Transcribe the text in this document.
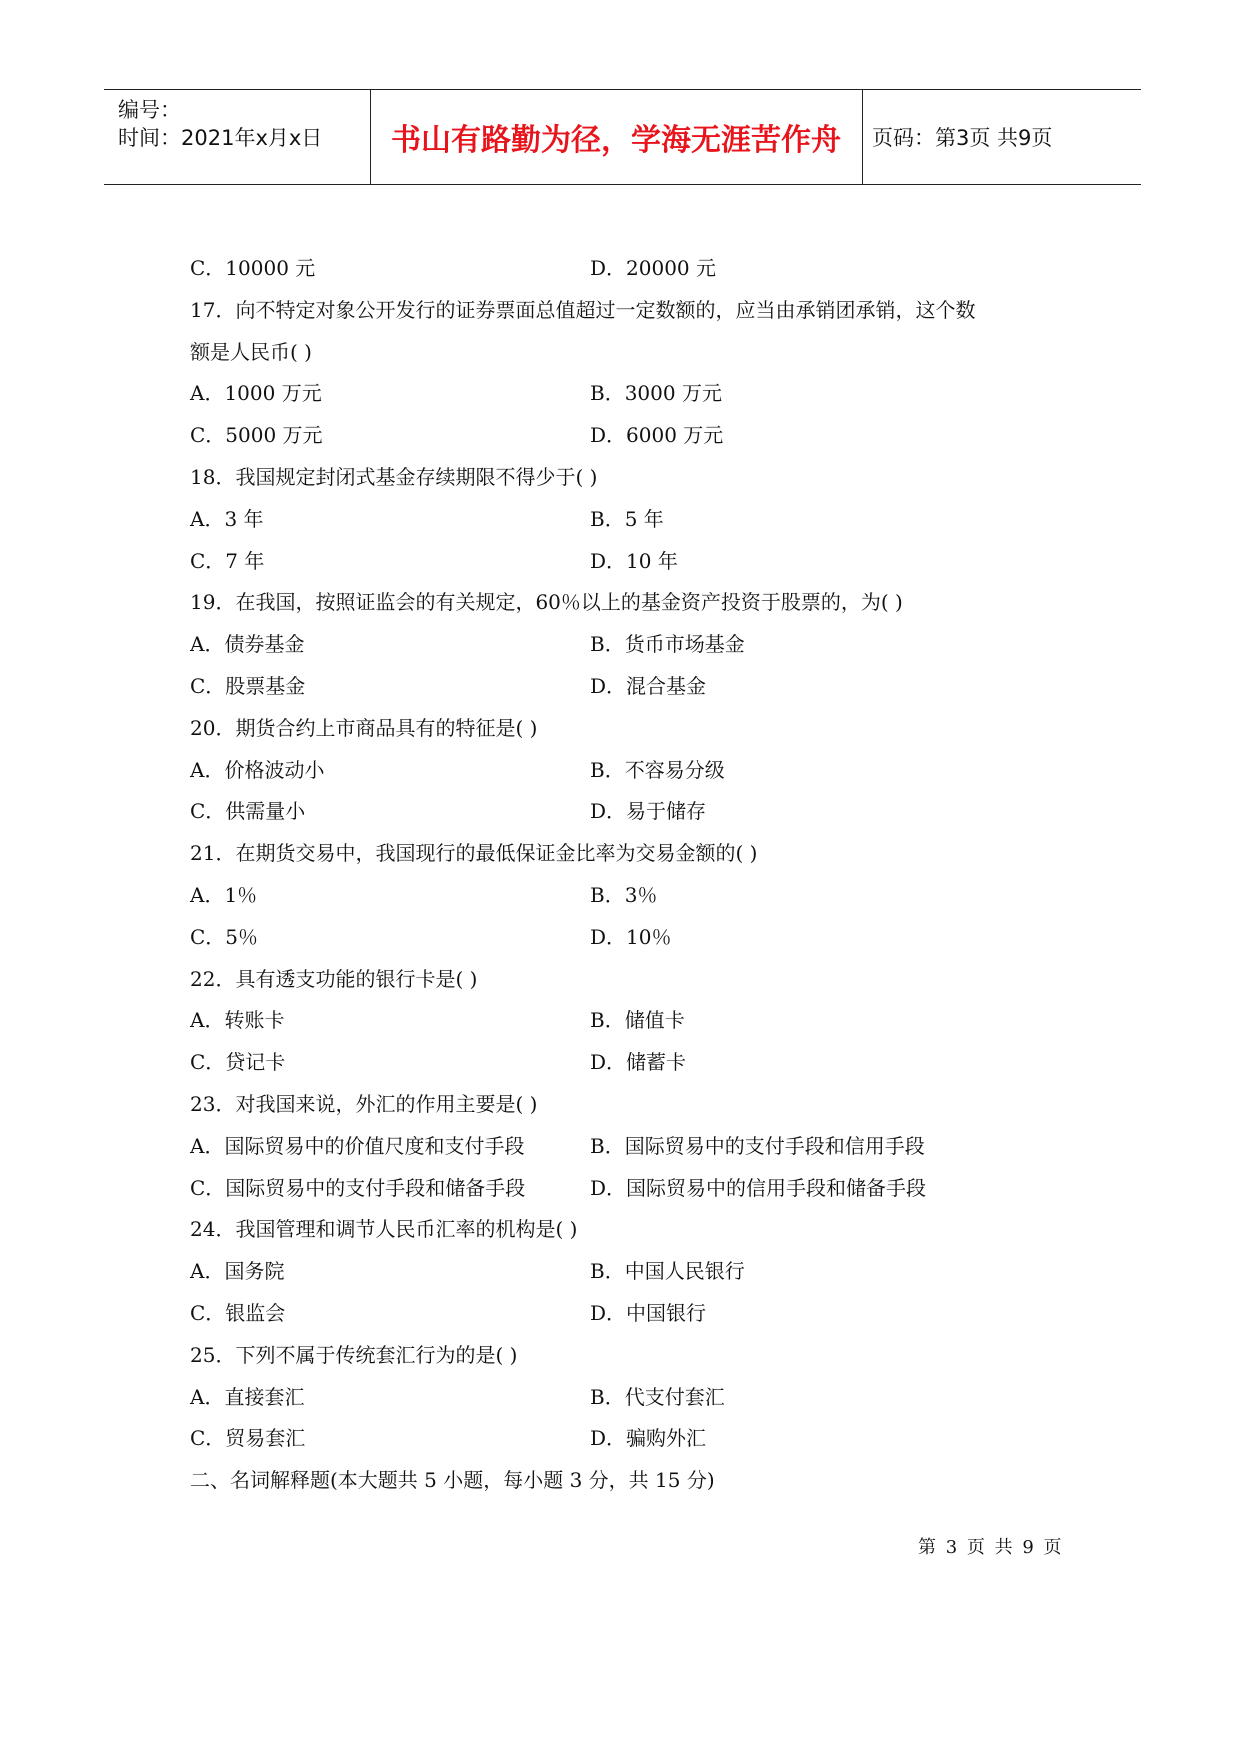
编号：
时间：2021年x月x日	书山有路勤为径，学海无涯苦作舟	页码：第3页 共9页
C．10000 元	D．20000 元
17．向不特定对象公开发行的证券票面总值超过一定数额的，应当由承销团承销，这个数
额是人民币( )
A．1000 万元	B．3000 万元
C．5000 万元	D．6000 万元
18．我国规定封闭式基金存续期限不得少于( )
A．3 年	B．5 年
C．7 年	D．10 年
19．在我国，按照证监会的有关规定，60％以上的基金资产投资于股票的，为( )
A．债券基金	B．货币市场基金
C．股票基金	D．混合基金
20．期货合约上市商品具有的特征是( )
A．价格波动小	B．不容易分级
C．供需量小	D．易于储存
21．在期货交易中，我国现行的最低保证金比率为交易金额的( )
A．1％	B．3％
C．5％	D．10％
22．具有透支功能的银行卡是( )
A．转账卡	B．储值卡
C．贷记卡	D．储蓄卡
23．对我国来说，外汇的作用主要是( )
A．国际贸易中的价值尺度和支付手段	B．国际贸易中的支付手段和信用手段
C．国际贸易中的支付手段和储备手段	D．国际贸易中的信用手段和储备手段
24．我国管理和调节人民币汇率的机构是( )
A．国务院	B．中国人民银行
C．银监会	D．中国银行
25．下列不属于传统套汇行为的是( )
A．直接套汇	B．代支付套汇
C．贸易套汇	D．骗购外汇
二、名词解释题(本大题共 5 小题，每小题 3 分，共 15 分)
第 3 页 共 9 页
